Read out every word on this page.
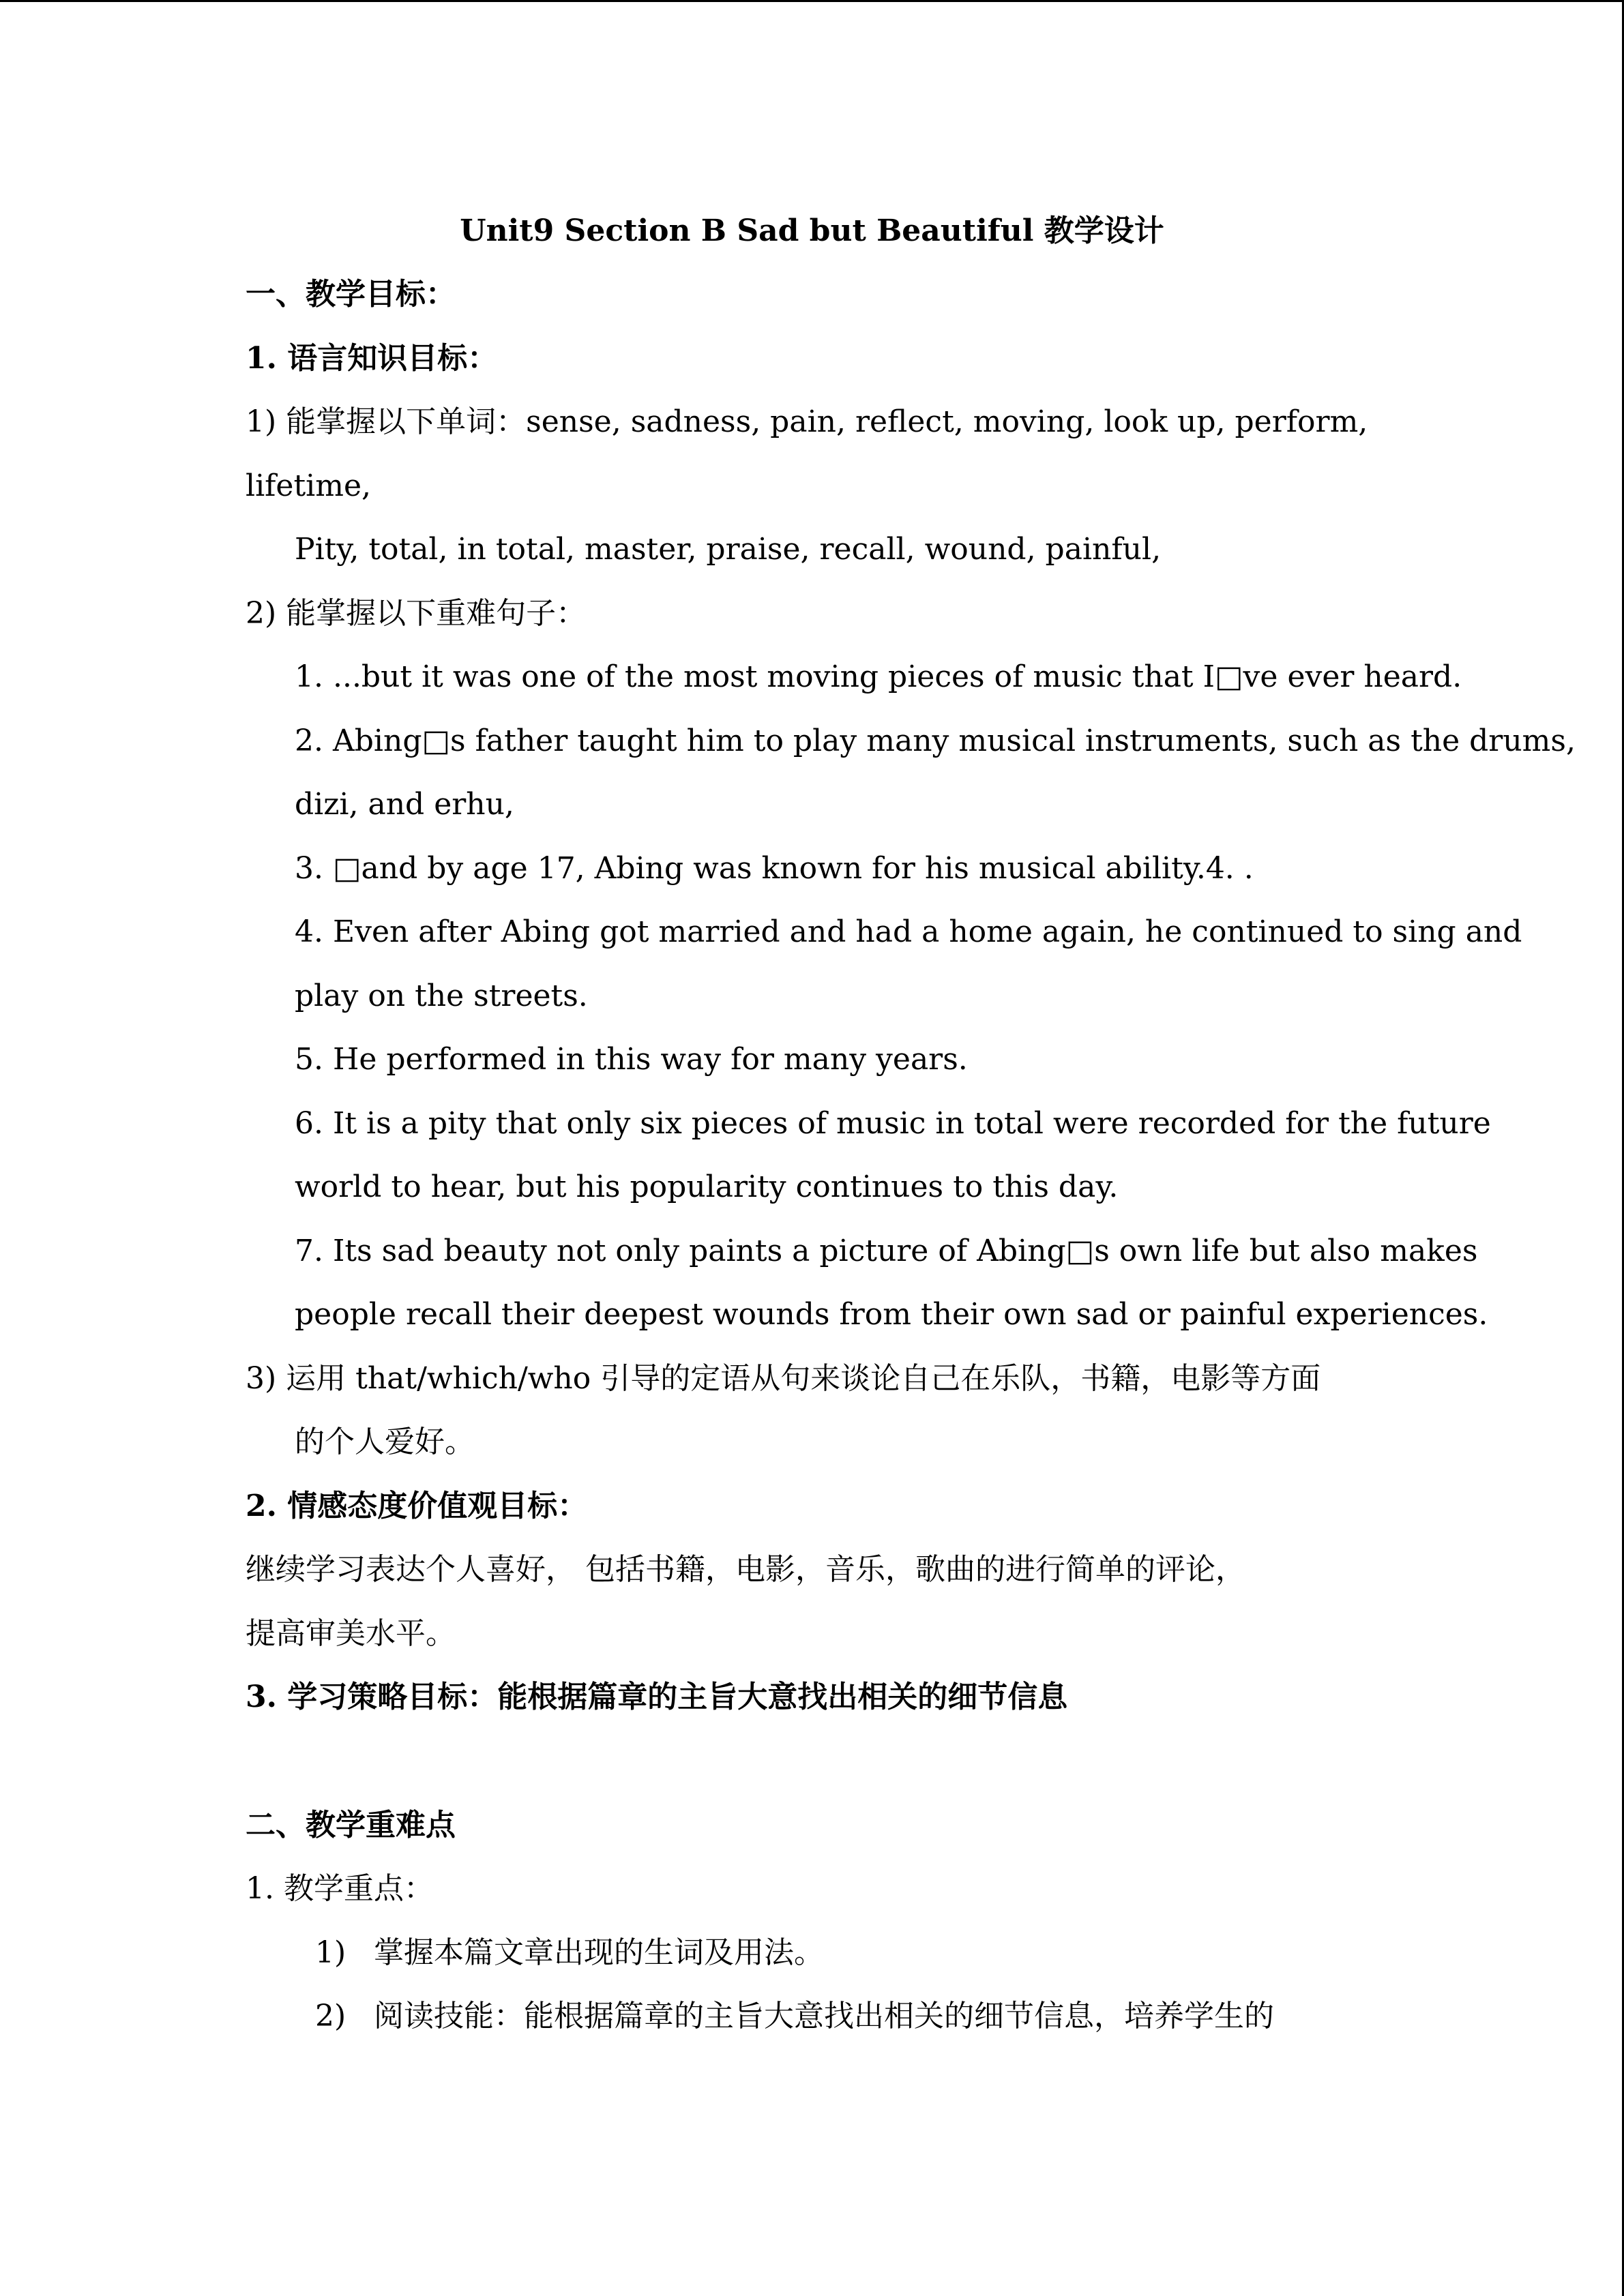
Unit9 Section B Sad but Beautiful 教学设计
一、教学目标：
1. 语言知识目标：
1) 能掌握以下单词：sense, sadness, pain, reflect, moving, look up, perform,
lifetime,
Pity, total, in total, master, praise, recall, wound, painful,
2) 能掌握以下重难句子：
1. ...but it was one of the most moving pieces of music that I□ve ever heard.
2. Abing□s father taught him to play many musical instruments, such as the drums,
dizi, and erhu,
3. □and by age 17, Abing was known for his musical ability.4. .
4. Even after Abing got married and had a home again, he continued to sing and
play on the streets.
5. He performed in this way for many years.
6. It is a pity that only six pieces of music in total were recorded for the future
world to hear, but his popularity continues to this day.
7. Its sad beauty not only paints a picture of Abing□s own life but also makes
people recall their deepest wounds from their own sad or painful experiences.
3) 运用 that/which/who 引导的定语从句来谈论自己在乐队，书籍，电影等方面
的个人爱好。
2. 情感态度价值观目标：
继续学习表达个人喜好， 包括书籍，电影，音乐，歌曲的进行简单的评论，
提高审美水平。
3. 学习策略目标：能根据篇章的主旨大意找出相关的细节信息
二、教学重难点
1. 教学重点：
1) 掌握本篇文章出现的生词及用法。
2) 阅读技能：能根据篇章的主旨大意找出相关的细节信息，培养学生的
